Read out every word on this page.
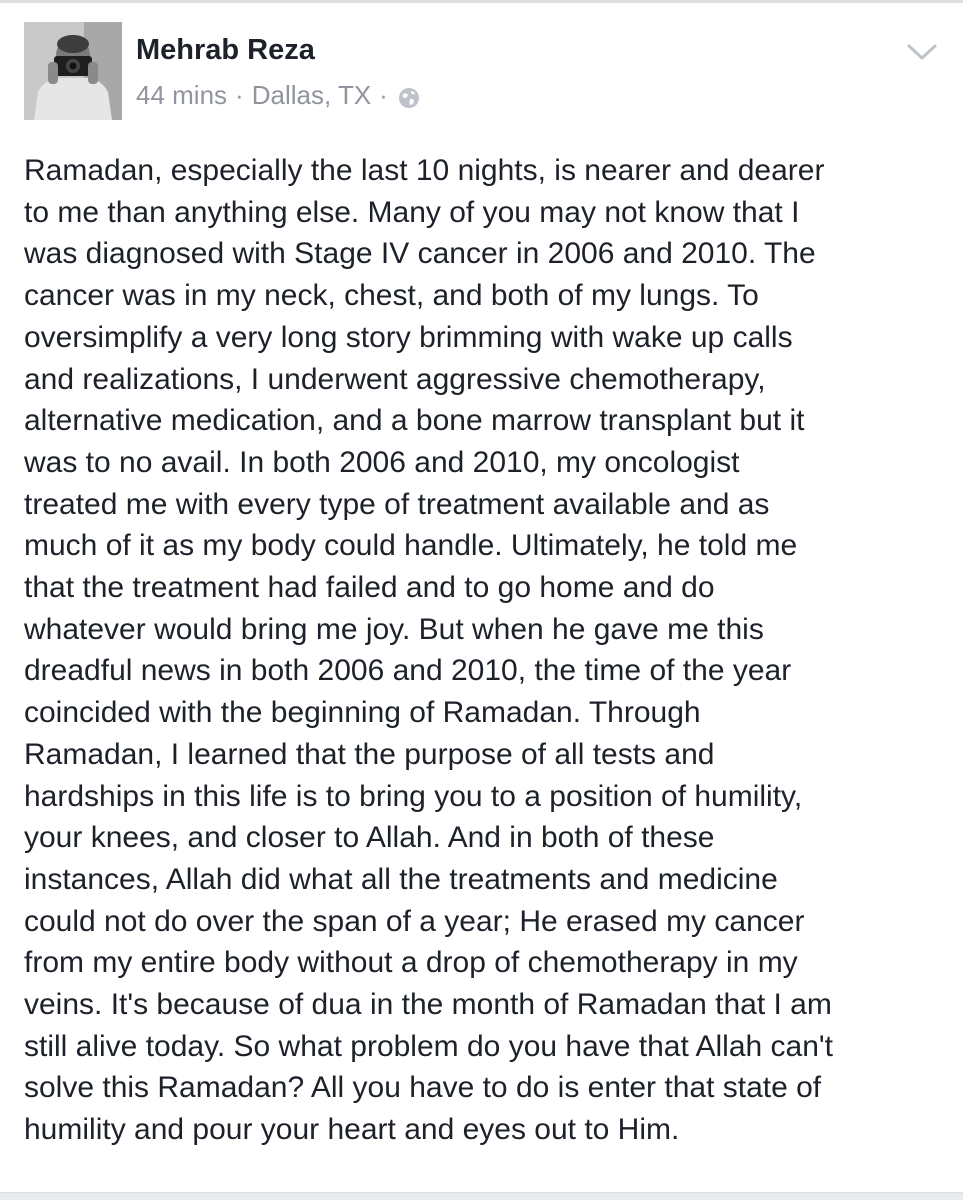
Mehrab Reza
44 mins · Dallas, TX ·

Ramadan, especially the last 10 nights, is nearer and dearer
to me than anything else. Many of you may not know that I
was diagnosed with Stage IV cancer in 2006 and 2010. The
cancer was in my neck, chest, and both of my lungs. To
oversimplify a very long story brimming with wake up calls
and realizations, I underwent aggressive chemotherapy,
alternative medication, and a bone marrow transplant but it
was to no avail. In both 2006 and 2010, my oncologist
treated me with every type of treatment available and as
much of it as my body could handle. Ultimately, he told me
that the treatment had failed and to go home and do
whatever would bring me joy. But when he gave me this
dreadful news in both 2006 and 2010, the time of the year
coincided with the beginning of Ramadan. Through
Ramadan, I learned that the purpose of all tests and
hardships in this life is to bring you to a position of humility,
your knees, and closer to Allah. And in both of these
instances, Allah did what all the treatments and medicine
could not do over the span of a year; He erased my cancer
from my entire body without a drop of chemotherapy in my
veins. It's because of dua in the month of Ramadan that I am
still alive today. So what problem do you have that Allah can't
solve this Ramadan? All you have to do is enter that state of
humility and pour your heart and eyes out to Him.
